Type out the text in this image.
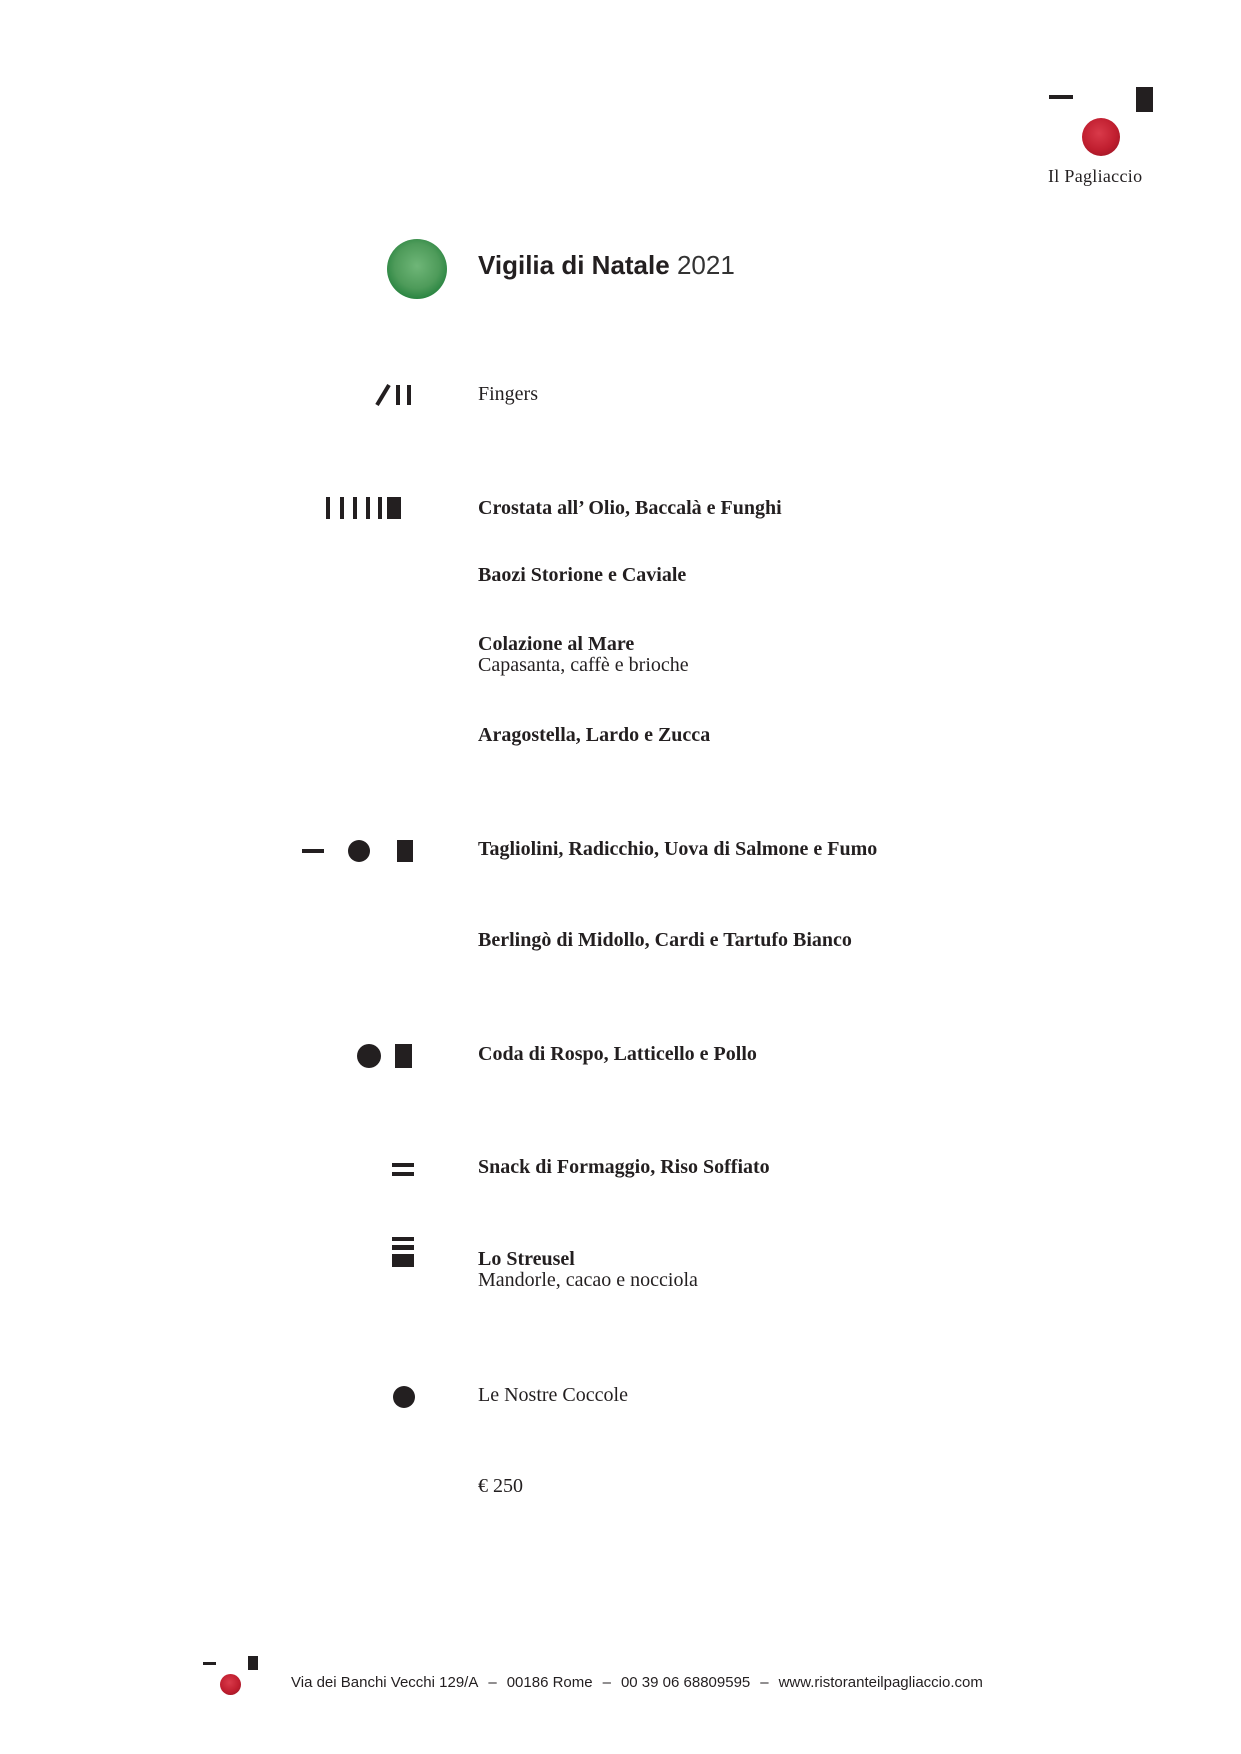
Il Pagliaccio
Vigilia di Natale 2021
Fingers
Crostata all’ Olio, Baccalà e Funghi
Baozi Storione e Caviale
Colazione al Mare
Capasanta, caffè e brioche
Aragostella, Lardo e Zucca
Tagliolini, Radicchio, Uova di Salmone e Fumo
Berlingò di Midollo, Cardi e Tartufo Bianco
Coda di Rospo, Latticello e Pollo
Snack di Formaggio, Riso Soffiato
Lo Streusel
Mandorle, cacao e nocciola
Le Nostre Coccole
€ 250
Via dei Banchi Vecchi 129/A – 00186 Rome – 00 39 06 68809595 – www.ristoranteilpagliaccio.com
